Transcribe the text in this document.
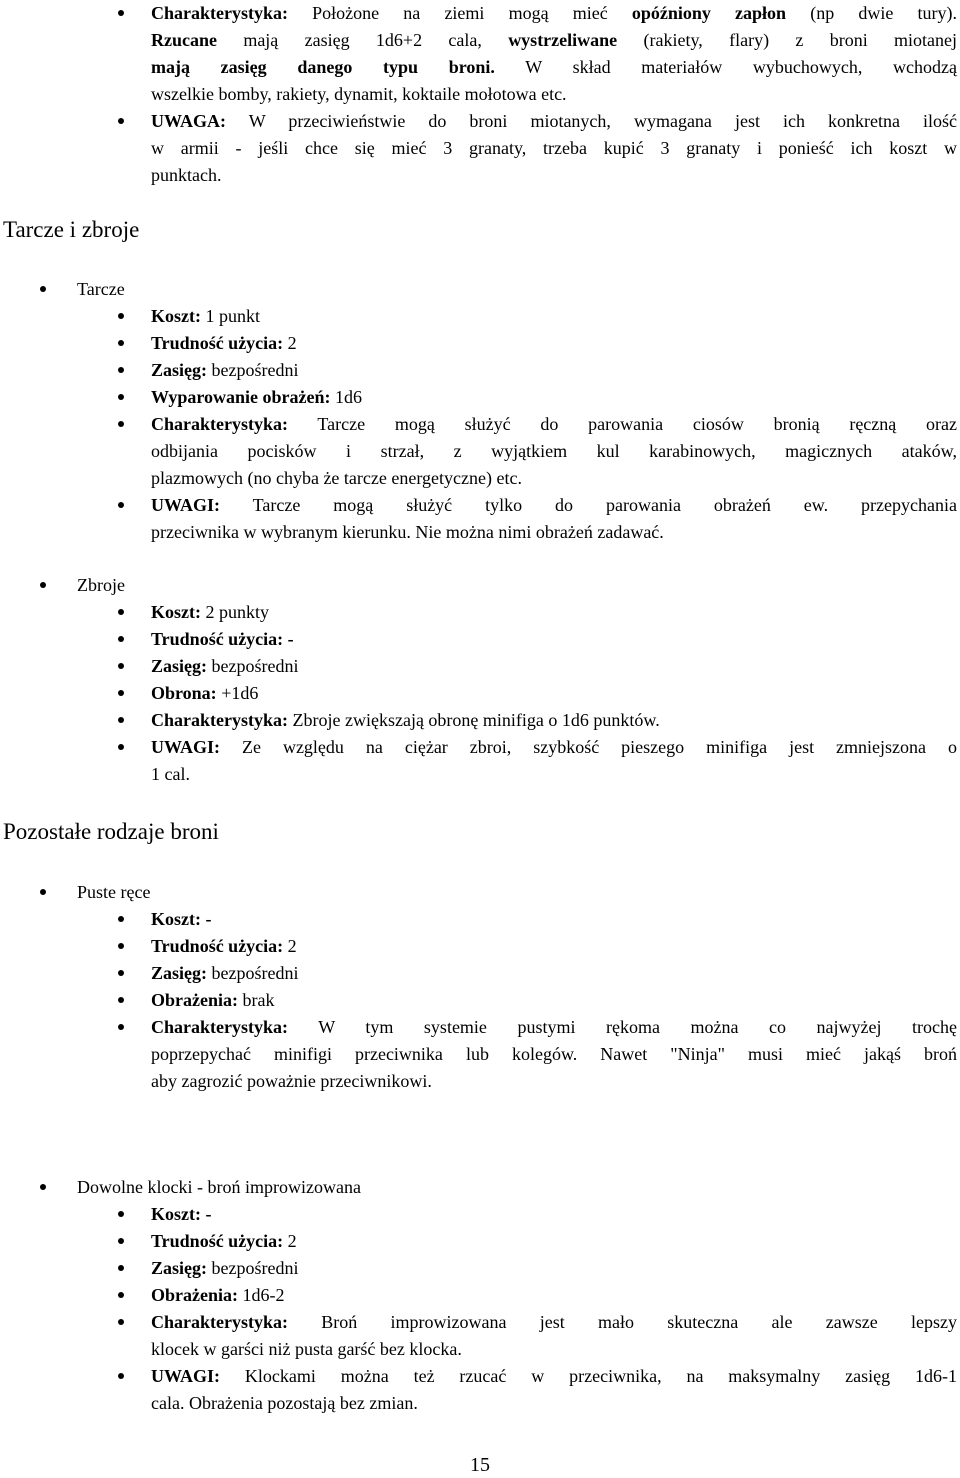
Charakterystyka: Położone na ziemi mogą mieć opóźniony zapłon (np dwie tury).
Rzucane mają zasięg 1d6+2 cala, wystrzeliwane (rakiety, flary) z broni miotanej
mają zasięg danego typu broni. W skład materiałów wybuchowych, wchodzą
wszelkie bomby, rakiety, dynamit, koktaile mołotowa etc.
UWAGA: W przeciwieństwie do broni miotanych, wymagana jest ich konkretna ilość
w armii - jeśli chce się mieć 3 granaty, trzeba kupić 3 granaty i ponieść ich koszt w
punktach.
Tarcze i zbroje
Tarcze
Koszt: 1 punkt
Trudność użycia: 2
Zasięg: bezpośredni
Wyparowanie obrażeń: 1d6
Charakterystyka: Tarcze mogą służyć do parowania ciosów bronią ręczną oraz
odbijania pocisków i strzał, z wyjątkiem kul karabinowych, magicznych ataków,
plazmowych (no chyba że tarcze energetyczne) etc.
UWAGI: Tarcze mogą służyć tylko do parowania obrażeń ew. przepychania
przeciwnika w wybranym kierunku. Nie można nimi obrażeń zadawać.
Zbroje
Koszt: 2 punkty
Trudność użycia: -
Zasięg: bezpośredni
Obrona: +1d6
Charakterystyka: Zbroje zwiększają obronę minifiga o 1d6 punktów.
UWAGI: Ze względu na ciężar zbroi, szybkość pieszego minifiga jest zmniejszona o
1 cal.
Pozostałe rodzaje broni
Puste ręce
Koszt: -
Trudność użycia: 2
Zasięg: bezpośredni
Obrażenia: brak
Charakterystyka: W tym systemie pustymi rękoma można co najwyżej trochę
poprzepychać minifigi przeciwnika lub kolegów. Nawet "Ninja" musi mieć jakąś broń
aby zagrozić poważnie przeciwnikowi.
Dowolne klocki - broń improwizowana
Koszt: -
Trudność użycia: 2
Zasięg: bezpośredni
Obrażenia: 1d6-2
Charakterystyka: Broń improwizowana jest mało skuteczna ale zawsze lepszy
klocek w garści niż pusta garść bez klocka.
UWAGI: Klockami można też rzucać w przeciwnika, na maksymalny zasięg 1d6-1
cala. Obrażenia pozostają bez zmian.
15
